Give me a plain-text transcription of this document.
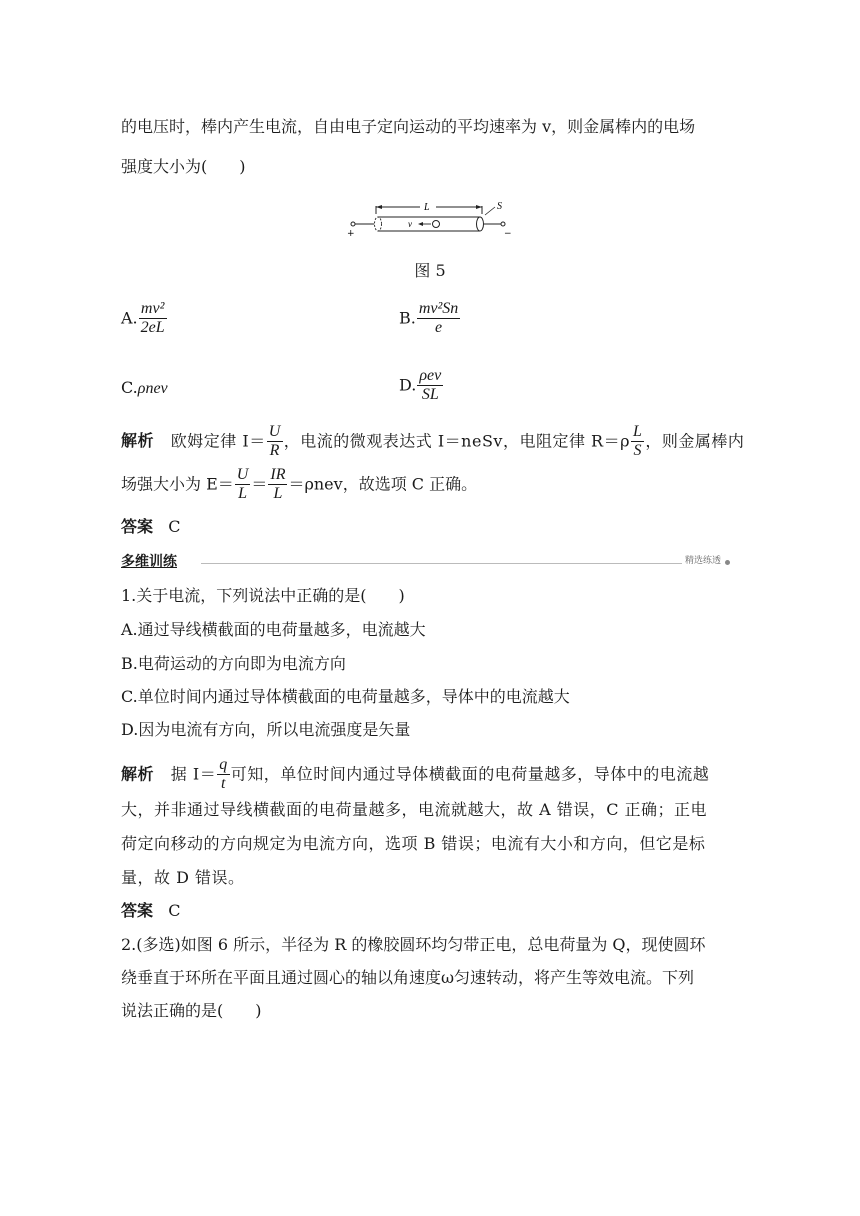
的电压时，棒内产生电流，自由电子定向运动的平均速率为 v，则金属棒内的电场
强度大小为(　　)
L	S
+	−
v
图 5
A. $\frac{\text{mv²}}{2eL}$	B. $\frac{\text{mv²Sn}}{e}$
C.ρnev	D. $\frac{\text{ρev}}{SL}$
解析 欧姆定律 $I= \frac{U}{R}$ ，电流的微观表达式 I＝neSv，电阻定律 $R=\rho \frac{L}{S}$ ，则金属棒内
场强大小为 $E= \frac{U}{L} = \frac{IR}{L} =\rho nev$，故选项 C 正确。
答案 C
多维训练	精选练透
1.关于电流，下列说法中正确的是(　　)
A.通过导线横截面的电荷量越多，电流越大
B.电荷运动的方向即为电流方向
C.单位时间内通过导体横截面的电荷量越多，导体中的电流越大
D.因为电流有方向，所以电流强度是矢量
解析 据 $I= \frac{q}{t}$ 可知，单位时间内通过导体横截面的电荷量越多，导体中的电流越
大，并非通过导线横截面的电荷量越多，电流就越大，故 A 错误，C 正确；正电
荷定向移动的方向规定为电流方向，选项 B 错误；电流有大小和方向，但它是标
量，故 D 错误。
答案 C
2.(多选)如图 6 所示，半径为 R 的橡胶圆环均匀带正电，总电荷量为 Q，现使圆环
绕垂直于环所在平面且通过圆心的轴以角速度ω匀速转动，将产生等效电流。下列
说法正确的是(　　)
